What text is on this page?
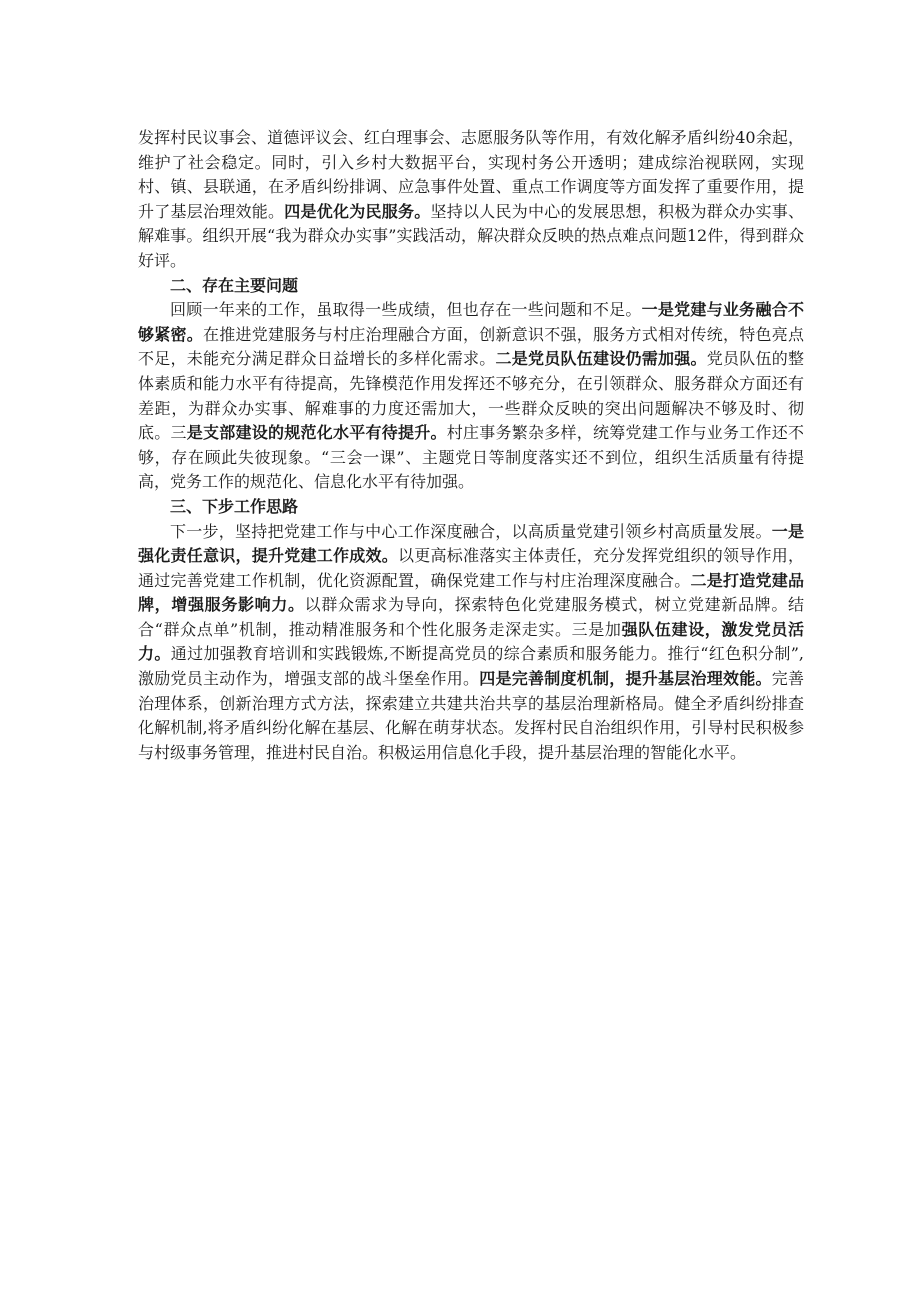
发挥村民议事会、道德评议会、红白理事会、志愿服务队等作用，有效化解矛盾纠纷40余起，维护了社会稳定。同时，引入乡村大数据平台，实现村务公开透明；建成综治视联网，实现村、镇、县联通，在矛盾纠纷排调、应急事件处置、重点工作调度等方面发挥了重要作用，提升了基层治理效能。四是优化为民服务。坚持以人民为中心的发展思想，积极为群众办实事、解难事。组织开展“我为群众办实事”实践活动，解决群众反映的热点难点问题12件，得到群众好评。

二、存在主要问题

回顾一年来的工作，虽取得一些成绩，但也存在一些问题和不足。一是党建与业务融合不够紧密。在推进党建服务与村庄治理融合方面，创新意识不强，服务方式相对传统，特色亮点不足，未能充分满足群众日益增长的多样化需求。二是党员队伍建设仍需加强。党员队伍的整体素质和能力水平有待提高，先锋模范作用发挥还不够充分，在引领群众、服务群众方面还有差距，为群众办实事、解难事的力度还需加大，一些群众反映的突出问题解决不够及时、彻底。三是支部建设的规范化水平有待提升。村庄事务繁杂多样，统筹党建工作与业务工作还不够，存在顾此失彼现象。“三会一课”、主题党日等制度落实还不到位，组织生活质量有待提高，党务工作的规范化、信息化水平有待加强。

三、下步工作思路

下一步，坚持把党建工作与中心工作深度融合，以高质量党建引领乡村高质量发展。一是强化责任意识，提升党建工作成效。以更高标准落实主体责任，充分发挥党组织的领导作用，通过完善党建工作机制，优化资源配置，确保党建工作与村庄治理深度融合。二是打造党建品牌，增强服务影响力。以群众需求为导向，探索特色化党建服务模式，树立党建新品牌。结合“群众点单”机制，推动精准服务和个性化服务走深走实。三是加强队伍建设，激发党员活力。通过加强教育培训和实践锻炼,不断提高党员的综合素质和服务能力。推行“红色积分制”,激励党员主动作为，增强支部的战斗堡垒作用。四是完善制度机制，提升基层治理效能。完善治理体系，创新治理方式方法，探索建立共建共治共享的基层治理新格局。健全矛盾纠纷排查化解机制,将矛盾纠纷化解在基层、化解在萌芽状态。发挥村民自治组织作用，引导村民积极参与村级事务管理，推进村民自治。积极运用信息化手段，提升基层治理的智能化水平。
